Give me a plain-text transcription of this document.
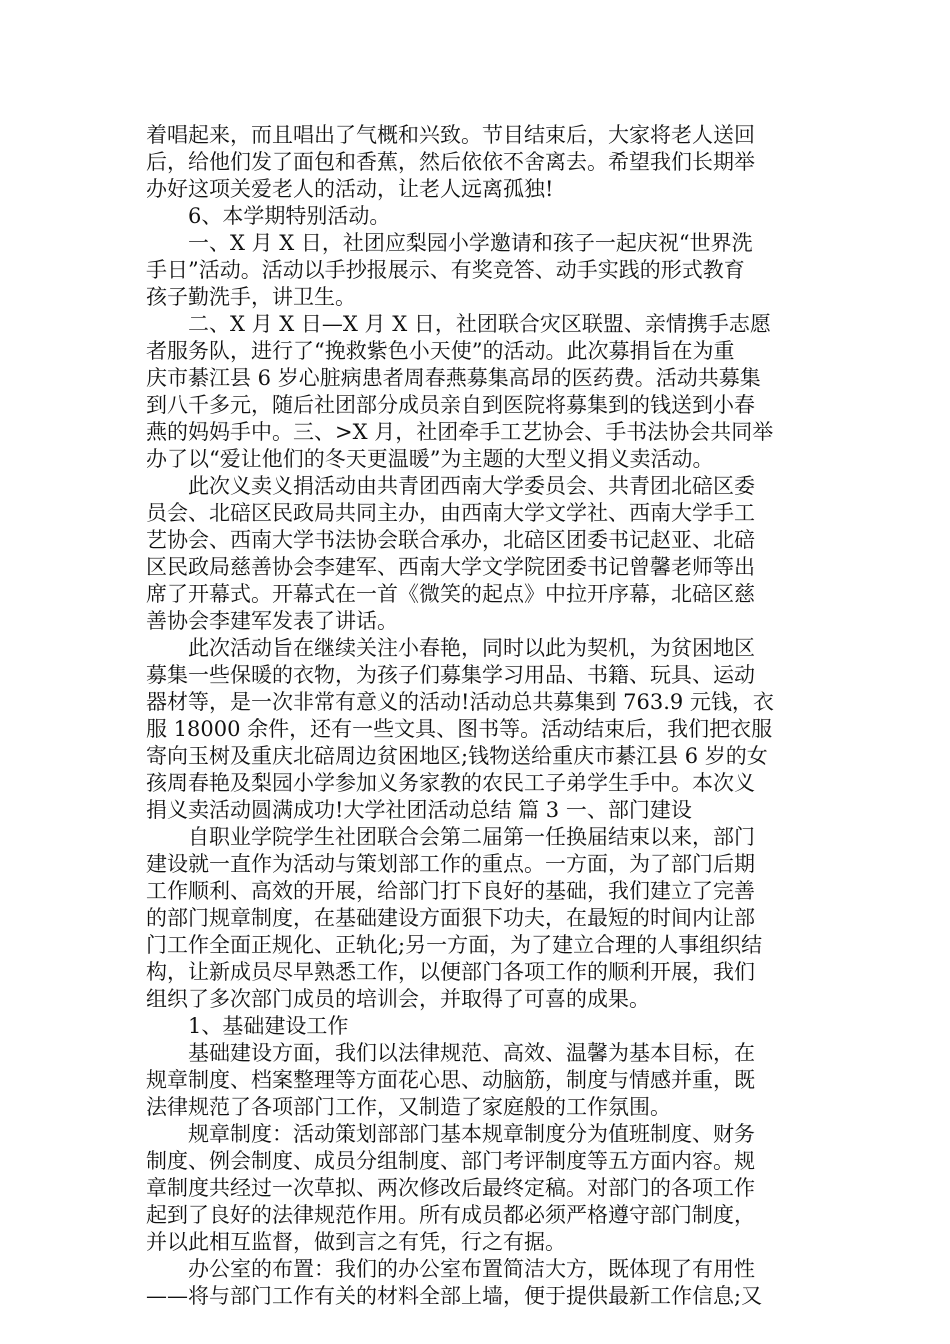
着唱起来，而且唱出了气概和兴致。节目结束后，大家将老人送回
后，给他们发了面包和香蕉，然后依依不舍离去。希望我们长期举
办好这项关爱老人的活动，让老人远离孤独!
　　6、本学期特别活动。
　　一、X 月 X 日，社团应梨园小学邀请和孩子一起庆祝“世界洗
手日”活动。活动以手抄报展示、有奖竞答、动手实践的形式教育
孩子勤洗手，讲卫生。
　　二、X 月 X 日—X 月 X 日，社团联合灾区联盟、亲情携手志愿
者服务队，进行了“挽救紫色小天使”的活动。此次募捐旨在为重
庆市綦江县 6 岁心脏病患者周春燕募集高昂的医药费。活动共募集
到八千多元，随后社团部分成员亲自到医院将募集到的钱送到小春
燕的妈妈手中。三、>X 月，社团牵手工艺协会、手书法协会共同举
办了以“爱让他们的冬天更温暖”为主题的大型义捐义卖活动。
　　此次义卖义捐活动由共青团西南大学委员会、共青团北碚区委
员会、北碚区民政局共同主办，由西南大学文学社、西南大学手工
艺协会、西南大学书法协会联合承办，北碚区团委书记赵亚、北碚
区民政局慈善协会李建军、西南大学文学院团委书记曾馨老师等出
席了开幕式。开幕式在一首《微笑的起点》中拉开序幕，北碚区慈
善协会李建军发表了讲话。
　　此次活动旨在继续关注小春艳，同时以此为契机，为贫困地区
募集一些保暖的衣物，为孩子们募集学习用品、书籍、玩具、运动
器材等，是一次非常有意义的活动!活动总共募集到 763.9 元钱，衣
服 18000 余件，还有一些文具、图书等。活动结束后，我们把衣服
寄向玉树及重庆北碚周边贫困地区;钱物送给重庆市綦江县 6 岁的女
孩周春艳及梨园小学参加义务家教的农民工子弟学生手中。本次义
捐义卖活动圆满成功!大学社团活动总结 篇 3 一、部门建设
　　自职业学院学生社团联合会第二届第一任换届结束以来，部门
建设就一直作为活动与策划部工作的重点。一方面，为了部门后期
工作顺利、高效的开展，给部门打下良好的基础，我们建立了完善
的部门规章制度，在基础建设方面狠下功夫，在最短的时间内让部
门工作全面正规化、正轨化;另一方面，为了建立合理的人事组织结
构，让新成员尽早熟悉工作，以便部门各项工作的顺利开展，我们
组织了多次部门成员的培训会，并取得了可喜的成果。
　　1、基础建设工作
　　基础建设方面，我们以法律规范、高效、温馨为基本目标，在
规章制度、档案整理等方面花心思、动脑筋，制度与情感并重，既
法律规范了各项部门工作，又制造了家庭般的工作氛围。
　　规章制度：活动策划部部门基本规章制度分为值班制度、财务
制度、例会制度、成员分组制度、部门考评制度等五方面内容。规
章制度共经过一次草拟、两次修改后最终定稿。对部门的各项工作
起到了良好的法律规范作用。所有成员都必须严格遵守部门制度，
并以此相互监督，做到言之有凭，行之有据。
　　办公室的布置：我们的办公室布置简洁大方，既体现了有用性
——将与部门工作有关的材料全部上墙，便于提供最新工作信息;又
